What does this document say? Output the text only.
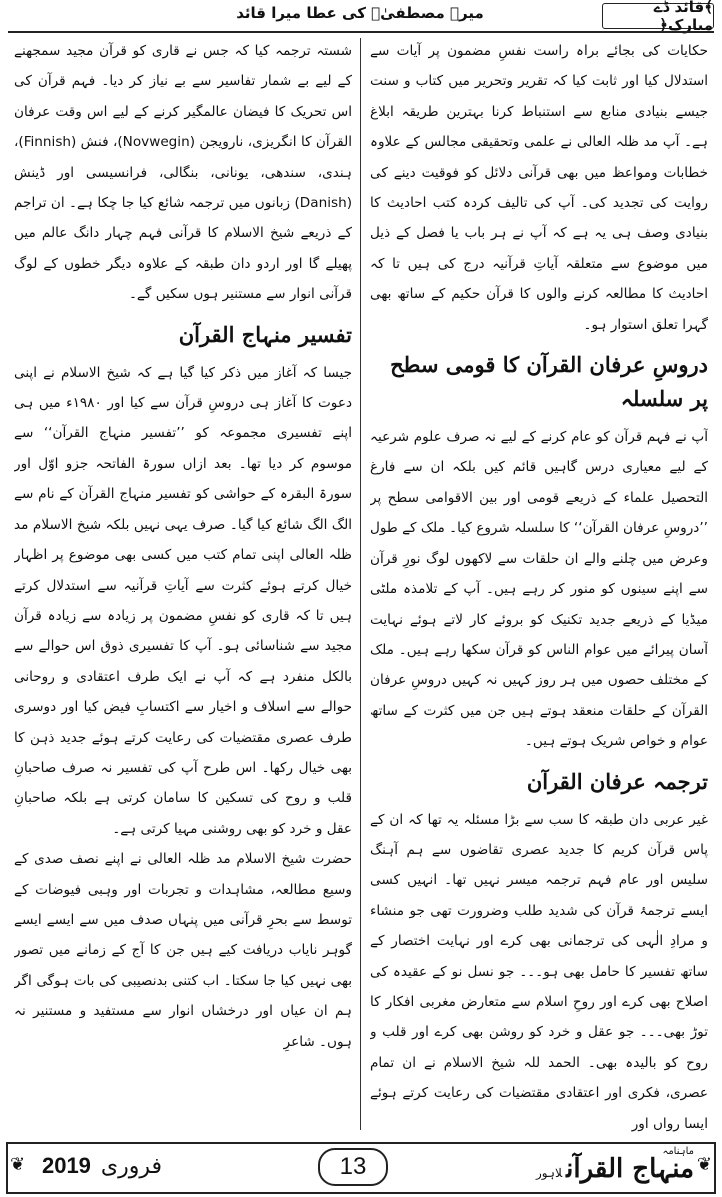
﴾قائد ڈے مبارک﴿
میرے مصطفیٰؐ کی عطا میرا قائد

حکایات کی بجائے براہ راست نفسِ مضمون پر آیات سے استدلال کیا اور ثابت کیا کہ تقریر وتحریر میں کتاب و سنت جیسے بنیادی منابع سے استنباط کرنا بہترین طریقہ ابلاغ ہے۔ آپ مد ظلہ العالی نے علمی وتحقیقی مجالس کے علاوہ خطابات ومواعظ میں بھی قرآنی دلائل کو فوقیت دینے کی روایت کی تجدید کی۔ آپ کی تالیف کردہ کتب احادیث کا بنیادی وصف ہی یہ ہے کہ آپ نے ہر باب یا فصل کے ذیل میں موضوع سے متعلقہ آیاتِ قرآنیہ درج کی ہیں تا کہ احادیث کا مطالعہ کرنے والوں کا قرآن حکیم کے ساتھ بھی گہرا تعلق استوار ہو۔

دروسِ عرفان القرآن کا قومی سطح پر سلسلہ

آپ نے فہم قرآن کو عام کرنے کے لیے نہ صرف علوم شرعیہ کے لیے معیاری درس گاہیں قائم کیں بلکہ ان سے فارغ التحصیل علماء کے ذریعے قومی اور بین الاقوامی سطح پر ’’دروسِ عرفان القرآن‘‘ کا سلسلہ شروع کیا۔ ملک کے طول وعرض میں چلنے والے ان حلقات سے لاکھوں لوگ نورِ قرآن سے اپنے سینوں کو منور کر رہے ہیں۔ آپ کے تلامذہ ملٹی میڈیا کے ذریعے جدید تکنیک کو بروئے کار لاتے ہوئے نہایت آسان پیرائے میں عوام الناس کو قرآن سکھا رہے ہیں۔ ملک کے مختلف حصوں میں ہر روز کہیں نہ کہیں دروسِ عرفان القرآن کے حلقات منعقد ہوتے ہیں جن میں کثرت کے ساتھ عوام و خواص شریک ہوتے ہیں۔

ترجمہ عرفان القرآن

غیر عربی دان طبقہ کا سب سے بڑا مسئلہ یہ تھا کہ ان کے پاس قرآن کریم کا جدید عصری تقاضوں سے ہم آہنگ سلیس اور عام فہم ترجمہ میسر نہیں تھا۔ انہیں کسی ایسے ترجمۂ قرآن کی شدید طلب وضرورت تھی جو منشاء و مرادِ الٰہی کی ترجمانی بھی کرے اور نہایت اختصار کے ساتھ تفسیر کا حامل بھی ہو۔۔۔ جو نسل نو کے عقیدہ کی اصلاح بھی کرے اور روحِ اسلام سے متعارض مغربی افکار کا توڑ بھی۔۔۔ جو عقل و خرد کو روشن بھی کرے اور قلب و روح کو بالیدہ بھی۔ الحمد للہ شیخ الاسلام نے ان تمام عصری، فکری اور اعتقادی مقتضیات کی رعایت کرتے ہوئے ایسا رواں اور

شستہ ترجمہ کیا کہ جس نے قاری کو قرآن مجید سمجھنے کے لیے بے شمار تفاسیر سے بے نیاز کر دیا۔ فہم قرآن کی اس تحریک کا فیضان عالمگیر کرنے کے لیے اس وقت عرفان القرآن کا انگریزی، نارویجن (Novwegin)، فنش (Finnish)، ہندی، سندھی، یونانی، بنگالی، فرانسیسی اور ڈینش (Danish) زبانوں میں ترجمہ شائع کیا جا چکا ہے۔ ان تراجم کے ذریعے شیخ الاسلام کا قرآنی فہم چہار دانگ عالم میں پھیلے گا اور اردو دان طبقہ کے علاوہ دیگر خطوں کے لوگ قرآنی انوار سے مستنیر ہوں سکیں گے۔

تفسیر منہاج القرآن

جیسا کہ آغاز میں ذکر کیا گیا ہے کہ شیخ الاسلام نے اپنی دعوت کا آغاز ہی دروسِ قرآن سے کیا اور ۱۹۸۰ء میں ہی اپنے تفسیری مجموعہ کو ’’تفسیر منہاج القرآن‘‘ سے موسوم کر دیا تھا۔ بعد ازاں سورۃ الفاتحہ جزو اوّل اور سورۃ البقرہ کے حواشی کو تفسیر منہاج القرآن کے نام سے الگ الگ شائع کیا گیا۔ صرف یہی نہیں بلکہ شیخ الاسلام مد ظلہ العالی اپنی تمام کتب میں کسی بھی موضوع پر اظہار خیال کرتے ہوئے کثرت سے آیاتِ قرآنیہ سے استدلال کرتے ہیں تا کہ قاری کو نفسِ مضمون پر زیادہ سے زیادہ قرآن مجید سے شناسائی ہو۔ آپ کا تفسیری ذوق اس حوالے سے بالکل منفرد ہے کہ آپ نے ایک طرف اعتقادی و روحانی حوالے سے اسلاف و اخیار سے اکتسابِ فیض کیا اور دوسری طرف عصری مقتضیات کی رعایت کرتے ہوئے جدید ذہن کا بھی خیال رکھا۔ اس طرح آپ کی تفسیر نہ صرف صاحبانِ قلب و روح کی تسکین کا سامان کرتی ہے بلکہ صاحبانِ عقل و خرد کو بھی روشنی مہیا کرتی ہے۔

حضرت شیخ الاسلام مد ظلہ العالی نے اپنے نصف صدی کے وسیع مطالعہ، مشاہدات و تجربات اور وہبی فیوضات کے توسط سے بحرِ قرآنی میں پنہاں صدف میں سے ایسے ایسے گوہر نایاب دریافت کیے ہیں جن کا آج کے زمانے میں تصور بھی نہیں کیا جا سکتا۔ اب کتنی بدنصیبی کی بات ہوگی اگر ہم ان عیاں اور درخشاں انوار سے مستفید و مستنیر نہ ہوں۔ شاعرِ

❦	❦
فروری
2019	13
ماہنامہ
منہاج القرآنلاہور
